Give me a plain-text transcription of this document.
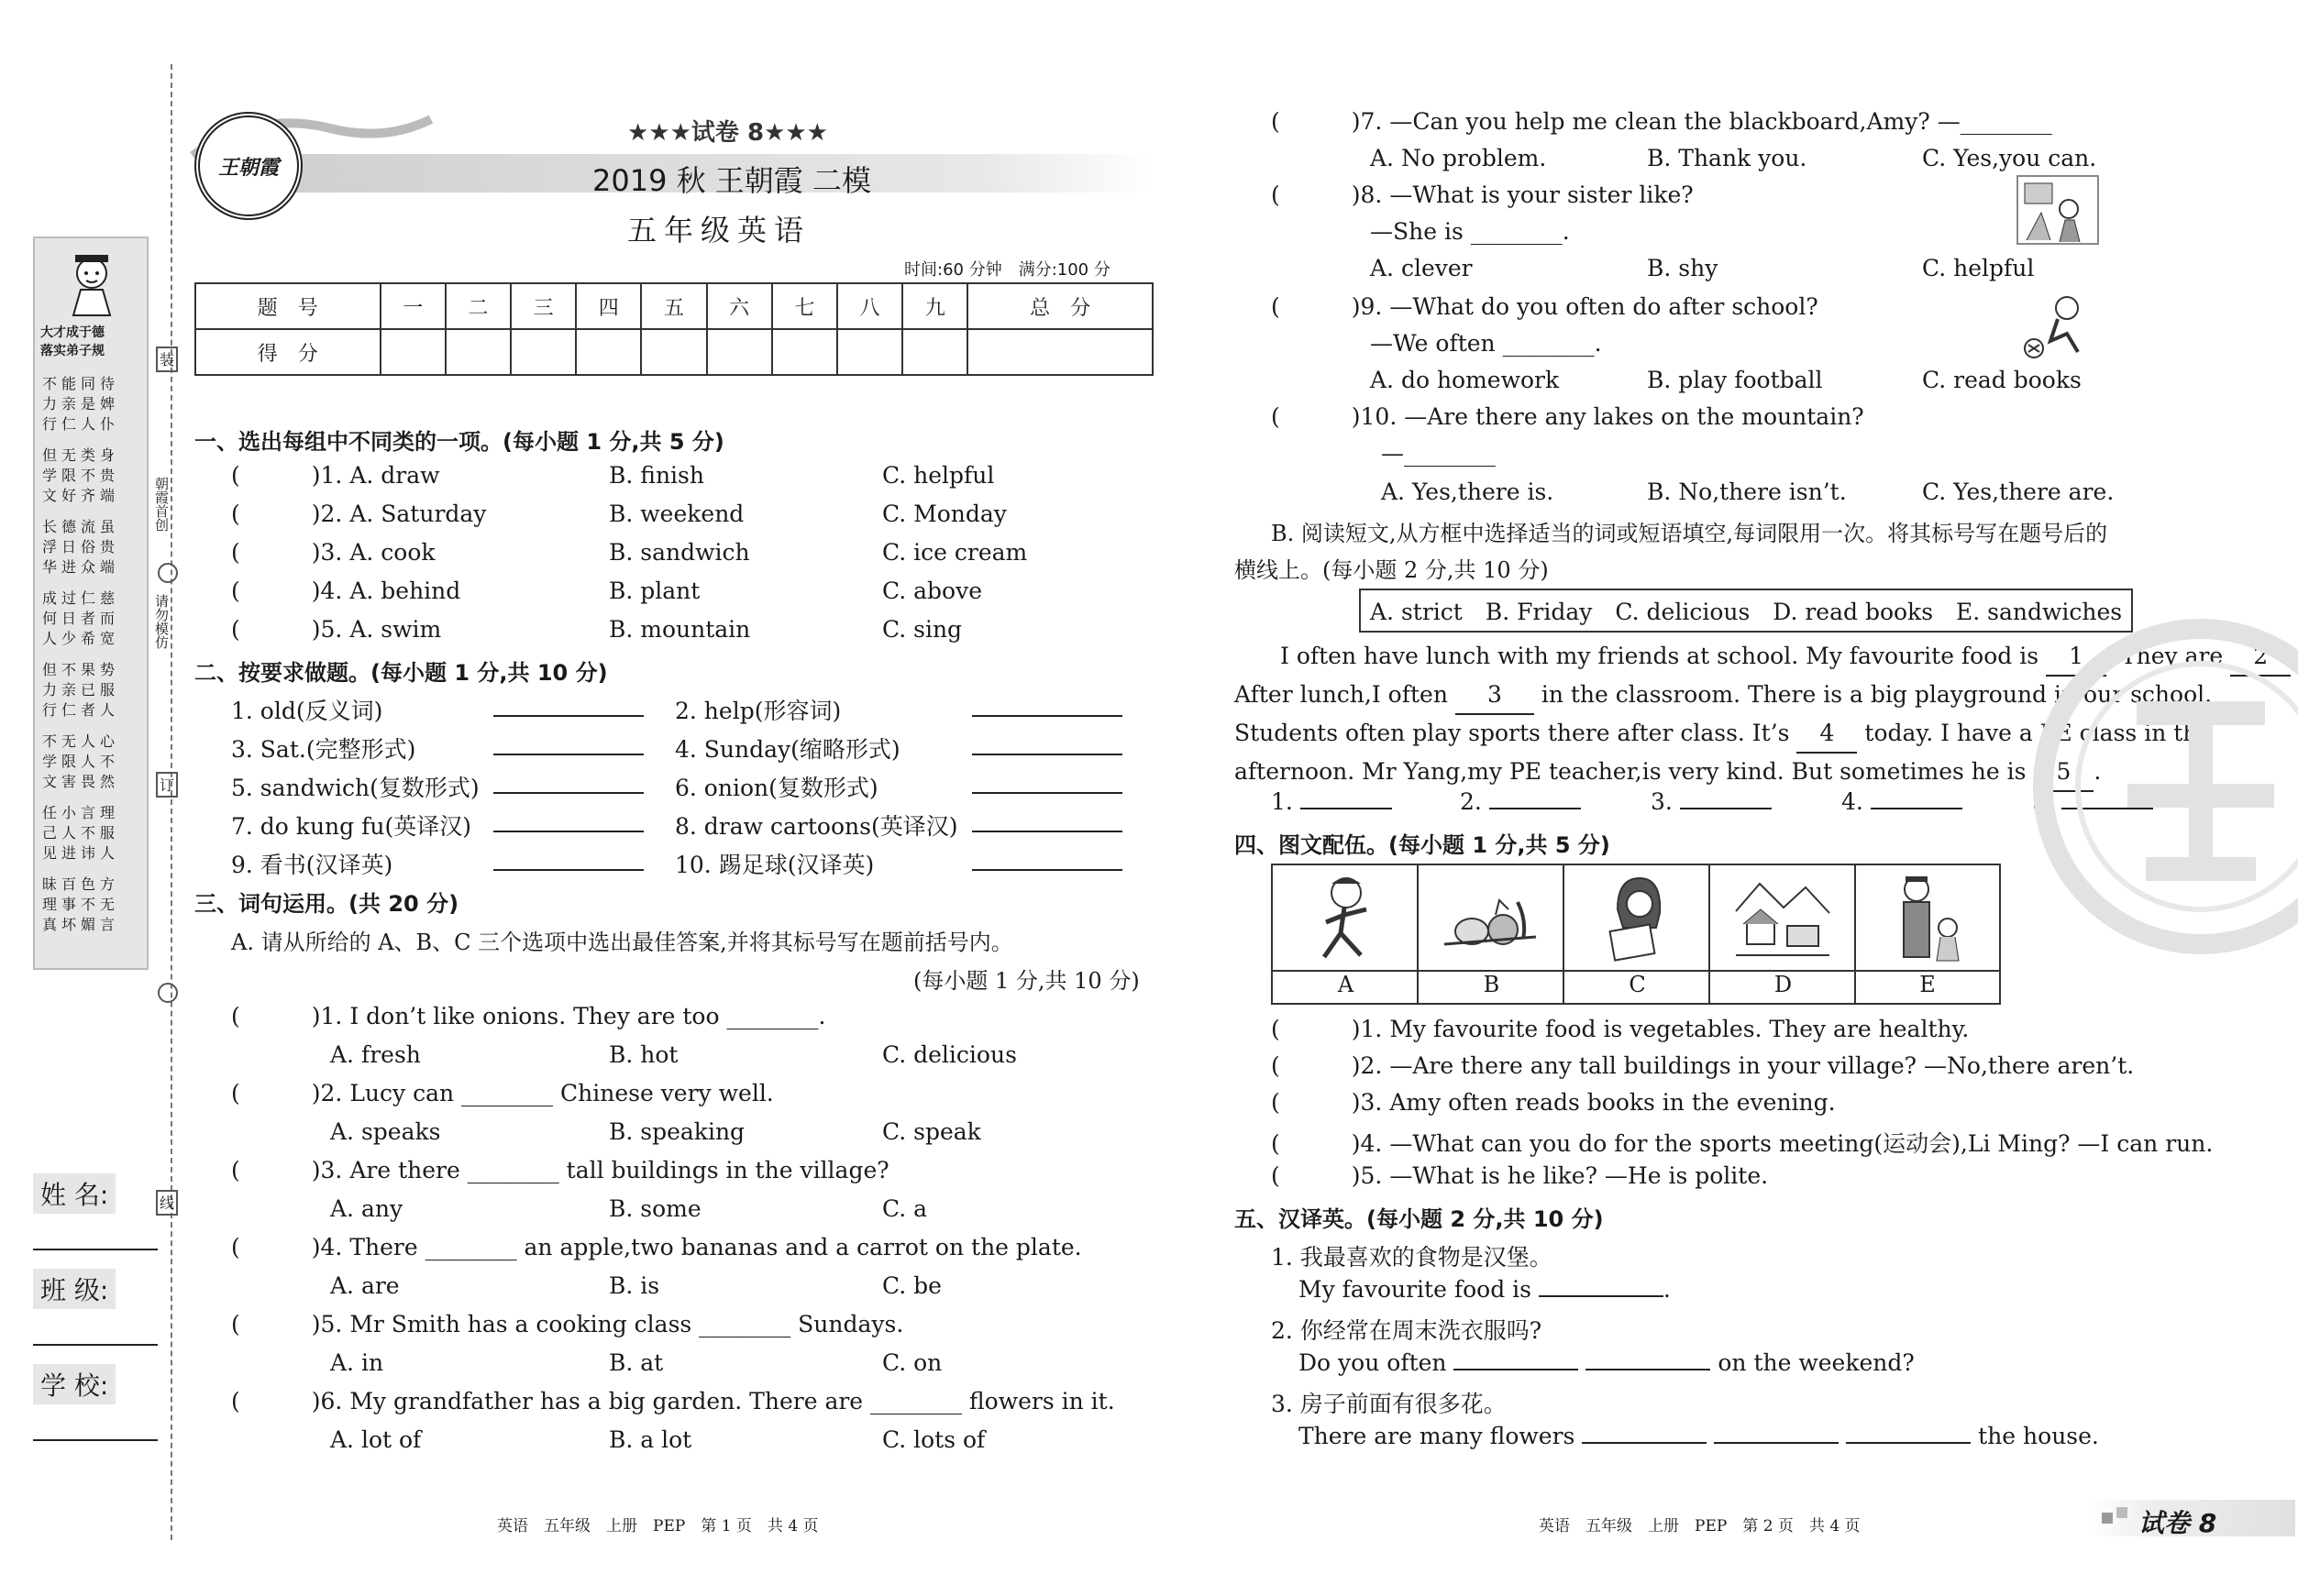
大才成于德
落实弟子规
不能同待
力亲是婢
行仁人仆
但无类身
学限不贵
文好齐端
长德流虽
浮日俗贵
华进众端
成过仁慈
何日者而
人少希宽
但不果势
力亲已服
行仁者人
不无人心
学限人不
文害畏然
任小言理
己人不服
见进讳人
昧百色方
理事不无
真坏媚言
装
朝霞首创
请勿模仿
订
线
姓 名:
班 级:
学 校:
王朝霞
★★★试卷 8★★★
2019 秋 王朝霞 二模
五年级英语
时间:60 分钟　满分:100 分
题　号	一	二	三	四	五	六	七	八	九	总　分
得　分										
一、选出每组中不同类的一项。(每小题 1 分,共 5 分)
(	)1. A. draw	B. finish	C. helpful
(	)2. A. Saturday	B. weekend	C. Monday
(	)3. A. cook	B. sandwich	C. ice cream
(	)4. A. behind	B. plant	C. above
(	)5. A. swim	B. mountain	C. sing
二、按要求做题。(每小题 1 分,共 10 分)
1. old(反义词)	2. help(形容词)
3. Sat.(完整形式)	4. Sunday(缩略形式)
5. sandwich(复数形式)	6. onion(复数形式)
7. do kung fu(英译汉)	8. draw cartoons(英译汉)
9. 看书(汉译英)	10. 踢足球(汉译英)
三、词句运用。(共 20 分)
A. 请从所给的 A、B、C 三个选项中选出最佳答案,并将其标号写在题前括号内。
(每小题 1 分,共 10 分)
(	)1. I don’t like onions. They are too ________.
A. fresh	B. hot	C. delicious
(	)2. Lucy can ________ Chinese very well.
A. speaks	B. speaking	C. speak
(	)3. Are there ________ tall buildings in the village?
A. any	B. some	C. a
(	)4. There ________ an apple,two bananas and a carrot on the plate.
A. are	B. is	C. be
(	)5. Mr Smith has a cooking class ________ Sundays.
A. in	B. at	C. on
(	)6. My grandfather has a big garden. There are ________ flowers in it.
A. lot of	B. a lot	C. lots of
英语　五年级　上册　PEP　第 1 页　共 4 页
(	)7. —Can you help me clean the blackboard,Amy? —________
A. No problem.	B. Thank you.	C. Yes,you can.
(	)8. —What is your sister like?
—She is ________.
A. clever	B. shy	C. helpful
(	)9. —What do you often do after school?
—We often ________.
A. do homework	B. play football	C. read books
(	)10. —Are there any lakes on the mountain?
—________
A. Yes,there is.	B. No,there isn’t.	C. Yes,there are.
B. 阅读短文,从方框中选择适当的词或短语填空,每词限用一次。将其标号写在题号后的
横线上。(每小题 2 分,共 10 分)
A. strict　B. Friday　C. delicious　D. read books　E. sandwiches
I often have lunch with my friends at school. My favourite food is 1 . They are 2 .
After lunch,I often 3 in the classroom. There is a big playground in our school.
Students often play sports there after class. It’s 4 today. I have a PE class in the
afternoon. Mr Yang,my PE teacher,is very kind. But sometimes he is 5 .
1.	2.	3.	4.	5.
四、图文配伍。(每小题 1 分,共 5 分)
A	B	C	D	E
(	)1. My favourite food is vegetables. They are healthy.
(	)2. —Are there any tall buildings in your village? —No,there aren’t.
(	)3. Amy often reads books in the evening.
(	)4. —What can you do for the sports meeting(运动会),Li Ming? —I can run.
(	)5. —What is he like? —He is polite.
五、汉译英。(每小题 2 分,共 10 分)
1. 我最喜欢的食物是汉堡。
My favourite food is	.
2. 你经常在周末洗衣服吗?
Do you often	on the weekend?
3. 房子前面有很多花。
There are many flowers	the house.
英语　五年级　上册　PEP　第 2 页　共 4 页	试卷 8
